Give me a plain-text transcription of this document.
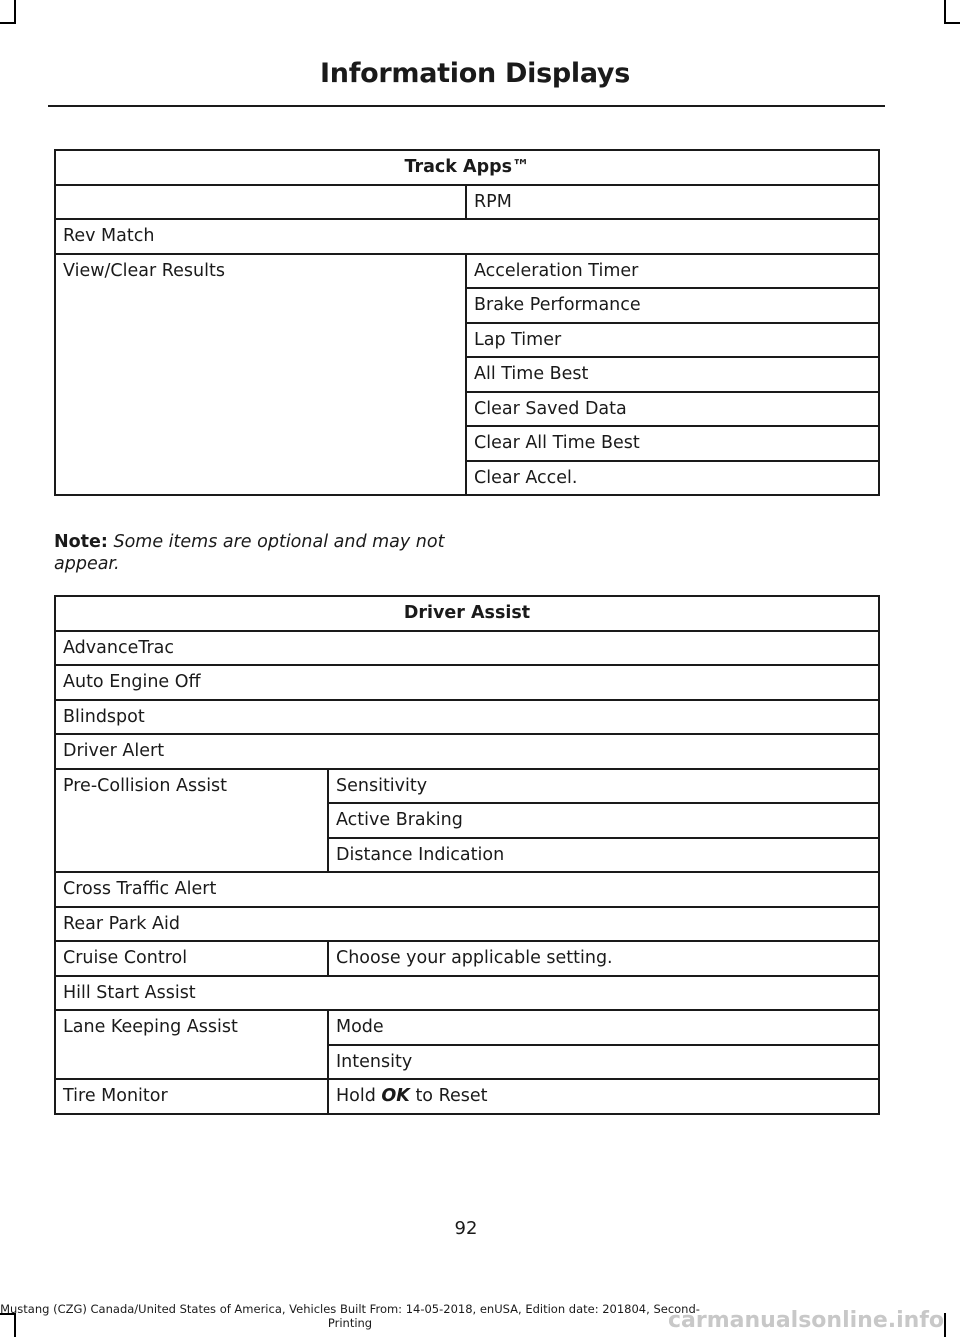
Information Displays
Track Apps™	
	RPM
Rev Match	
View/Clear Results	Acceleration Timer
	Brake Performance
	Lap Timer
	All Time Best
	Clear Saved Data
	Clear All Time Best
	Clear Accel.
Note: Some items are optional and may not appear.
Driver Assist	
AdvanceTrac	
Auto Engine Off	
Blindspot	
Driver Alert	
Pre-Collision Assist	Sensitivity
	Active Braking
	Distance Indication
Cross Traffic Alert	
Rear Park Aid	
Cruise Control	Choose your applicable setting.
Hill Start Assist	
Lane Keeping Assist	Mode
	Intensity
Tire Monitor	Hold OK to Reset
92
Mustang (CZG) Canada/United States of America, Vehicles Built From: 14-05-2018, enUSA, Edition date: 201804, Second-Printing	carmanualsonline.info
